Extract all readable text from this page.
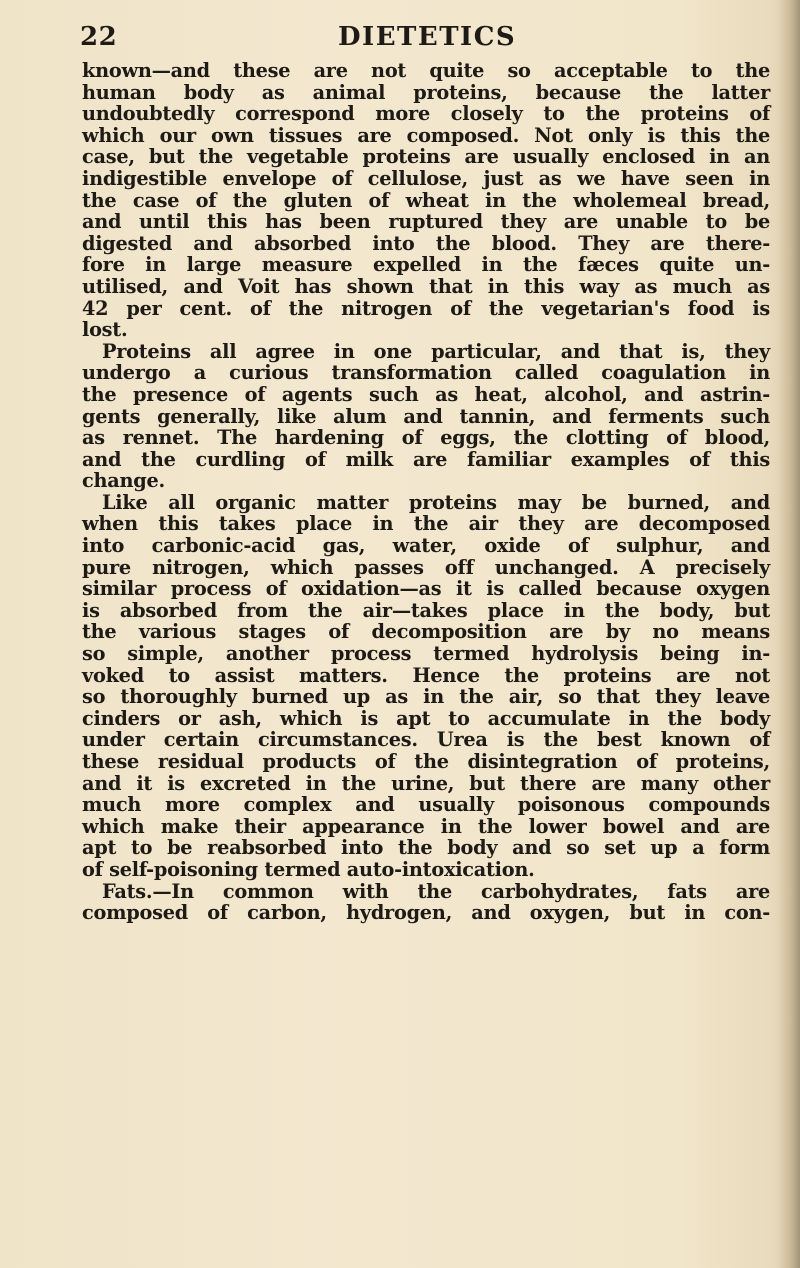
22	DIETETICS
known—and these are not quite so acceptable to the
human body as animal proteins, because the latter
undoubtedly correspond more closely to the proteins of
which our own tissues are composed. Not only is this the
case, but the vegetable proteins are usually enclosed in an
indigestible envelope of cellulose, just as we have seen in
the case of the gluten of wheat in the wholemeal bread,
and until this has been ruptured they are unable to be
digested and absorbed into the blood. They are there-
fore in large measure expelled in the fæces quite un-
utilised, and Voit has shown that in this way as much as
42 per cent. of the nitrogen of the vegetarian's food is
lost.
Proteins all agree in one particular, and that is, they
undergo a curious transformation called coagulation in
the presence of agents such as heat, alcohol, and astrin-
gents generally, like alum and tannin, and ferments such
as rennet. The hardening of eggs, the clotting of blood,
and the curdling of milk are familiar examples of this
change.
Like all organic matter proteins may be burned, and
when this takes place in the air they are decomposed
into carbonic-acid gas, water, oxide of sulphur, and
pure nitrogen, which passes off unchanged. A precisely
similar process of oxidation—as it is called because oxygen
is absorbed from the air—takes place in the body, but
the various stages of decomposition are by no means
so simple, another process termed hydrolysis being in-
voked to assist matters. Hence the proteins are not
so thoroughly burned up as in the air, so that they leave
cinders or ash, which is apt to accumulate in the body
under certain circumstances. Urea is the best known of
these residual products of the disintegration of proteins,
and it is excreted in the urine, but there are many other
much more complex and usually poisonous compounds
which make their appearance in the lower bowel and are
apt to be reabsorbed into the body and so set up a form
of self-poisoning termed auto-intoxication.
Fats.—In common with the carbohydrates, fats are
composed of carbon, hydrogen, and oxygen, but in con-
